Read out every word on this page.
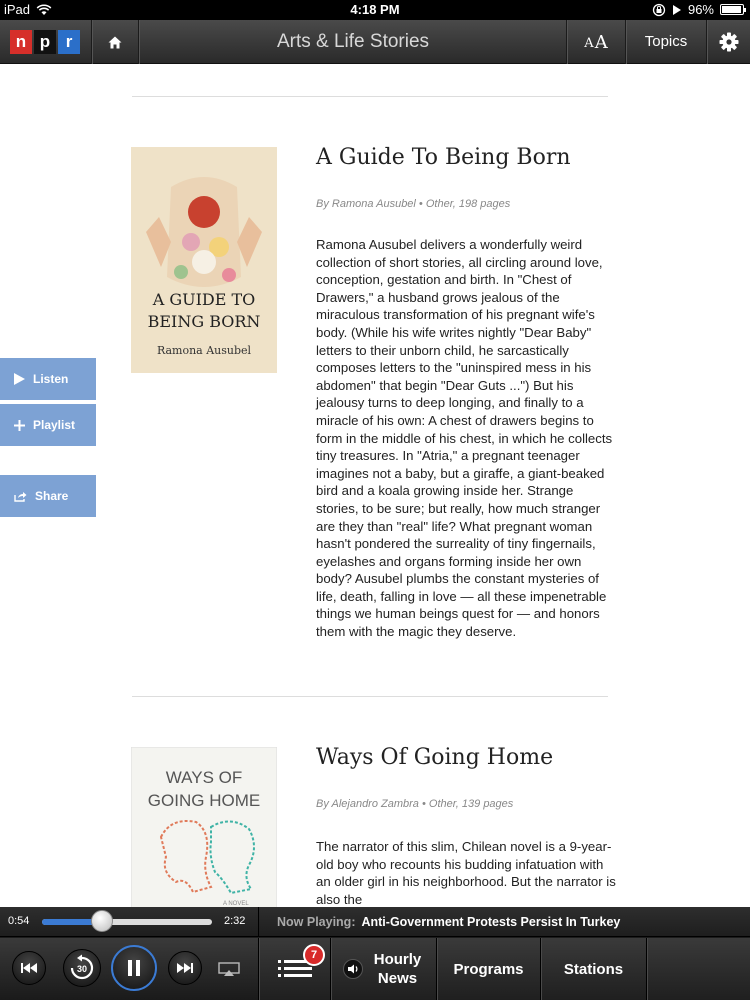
iPad	4:18 PM	96%
n p r	Arts & Life Stories	A A	Topics
A GUIDE TO
BEING BORN
Ramona Ausubel
A Guide To Being Born
By Ramona Ausubel • Other, 198 pages
Ramona Ausubel delivers a wonderfully weird collection of short stories, all circling around love, conception, gestation and birth. In "Chest of Drawers," a husband grows jealous of the miraculous transformation of his pregnant wife's body. (While his wife writes nightly "Dear Baby" letters to their unborn child, he sarcastically composes letters to the "uninspired mess in his abdomen" that begin "Dear Guts ...") But his jealousy turns to deep longing, and finally to a miracle of his own: A chest of drawers begins to form in the middle of his chest, in which he collects tiny treasures. In "Atria," a pregnant teenager imagines not a baby, but a giraffe, a giant-beaked bird and a koala growing inside her. Strange stories, to be sure; but really, how much stranger are they than "real" life? What pregnant woman hasn't pondered the surreality of tiny fingernails, eyelashes and organs forming inside her own body? Ausubel plumbs the constant mysteries of life, death, falling in love — all these impenetrable things we human beings quest for — and honors them with the magic they deserve.
WAYS OF
GOING HOME
A NOVEL
Ways Of Going Home
By Alejandro Zambra • Other, 139 pages
The narrator of this slim, Chilean novel is a 9-year-old boy who recounts his budding infatuation with an older girl in his neighborhood. But the narrator is also the
Listen
Playlist
Share
0:54	2:32	Now Playing: Anti-Government Protests Persist In Turkey
30
7	Hourly News
Programs	Stations
